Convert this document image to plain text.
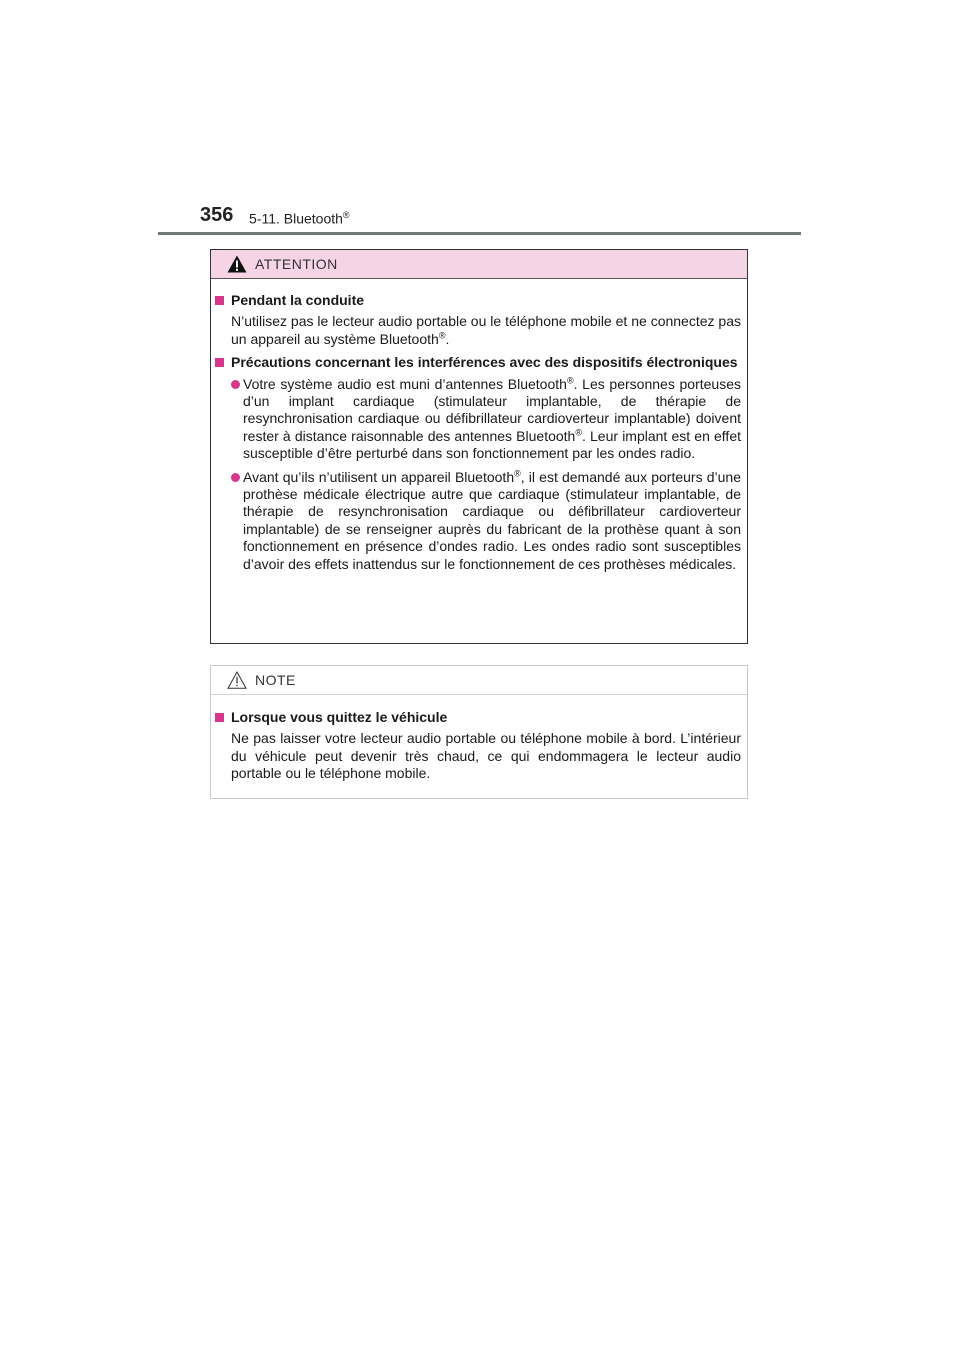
356 5-11. Bluetooth®
ATTENTION
Pendant la conduite
N’utilisez pas le lecteur audio portable ou le téléphone mobile et ne connectez pas un appareil au système Bluetooth®.
Précautions concernant les interférences avec des dispositifs électroniques
Votre système audio est muni d’antennes Bluetooth®. Les personnes porteuses d’un implant cardiaque (stimulateur implantable, de thérapie de resynchronisation cardiaque ou défibrillateur cardioverteur implantable) doivent rester à distance raisonnable des antennes Bluetooth®. Leur implant est en effet susceptible d’être perturbé dans son fonctionnement par les ondes radio.
Avant qu’ils n’utilisent un appareil Bluetooth®, il est demandé aux porteurs d’une prothèse médicale électrique autre que cardiaque (stimulateur implantable, de thérapie de resynchronisation cardiaque ou défibrillateur cardioverteur implantable) de se renseigner auprès du fabricant de la prothèse quant à son fonctionnement en présence d’ondes radio. Les ondes radio sont susceptibles d’avoir des effets inattendus sur le fonctionnement de ces prothèses médicales.
NOTE
Lorsque vous quittez le véhicule
Ne pas laisser votre lecteur audio portable ou téléphone mobile à bord. L’intérieur du véhicule peut devenir très chaud, ce qui endommagera le lecteur audio portable ou le téléphone mobile.
